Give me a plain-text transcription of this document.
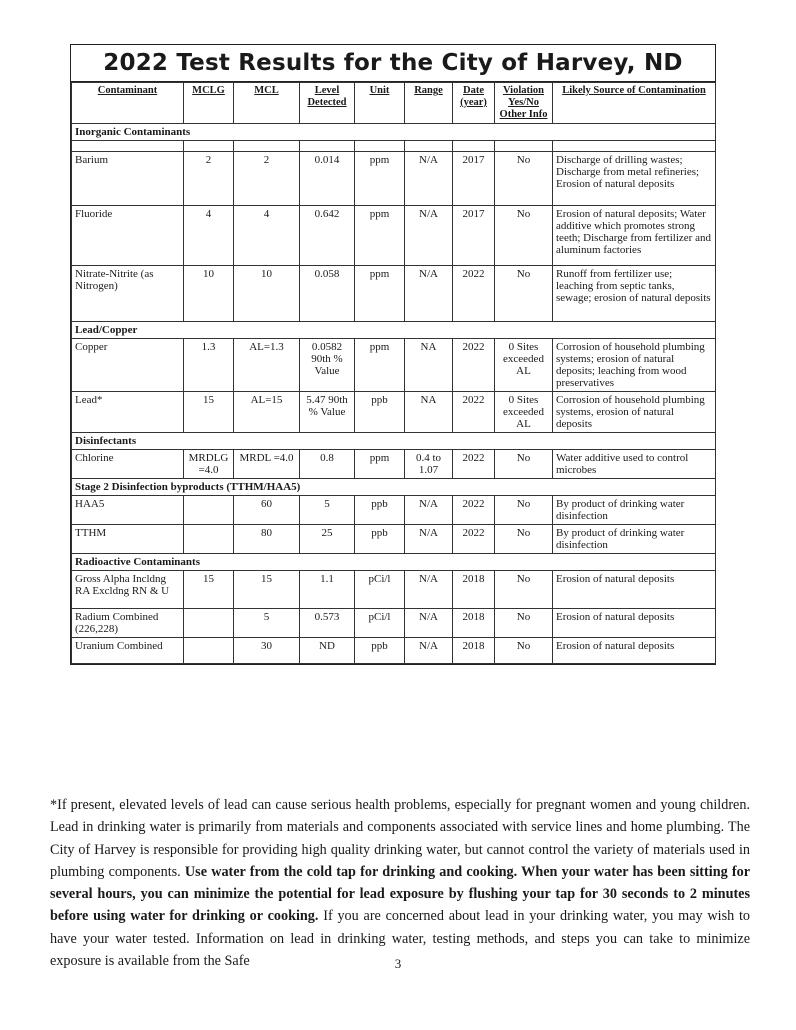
2022 Test Results for the City of Harvey, ND
Contaminant	MCLG	MCL	Level Detected	Unit	Range	Date (year)	Violation Yes/No Other Info	Likely Source of Contamination
Inorganic Contaminants								

Barium	2	2	0.014	ppm	N/A	2017	No	Discharge of drilling wastes; Discharge from metal refineries; Erosion of natural deposits
Fluoride	4	4	0.642	ppm	N/A	2017	No	Erosion of natural deposits; Water additive which promotes strong teeth; Discharge from fertilizer and aluminum factories
Nitrate-Nitrite (as Nitrogen)	10	10	0.058	ppm	N/A	2022	No	Runoff from fertilizer use; leaching from septic tanks, sewage; erosion of natural deposits
Lead/Copper								
Copper	1.3	AL=1.3	0.0582 90th % Value	ppm	NA	2022	0 Sites exceeded AL	Corrosion of household plumbing systems; erosion of natural deposits; leaching from wood preservatives
Lead*	15	AL=15	5.47 90th % Value	ppb	NA	2022	0 Sites exceeded AL	Corrosion of household plumbing systems, erosion of natural deposits
Disinfectants								
Chlorine	MRDLG =4.0	MRDL =4.0	0.8	ppm	0.4 to 1.07	2022	No	Water additive used to control microbes
Stage 2 Disinfection byproducts (TTHM/HAA5)								
HAA5		60	5	ppb	N/A	2022	No	By product of drinking water disinfection
TTHM		80	25	ppb	N/A	2022	No	By product of drinking water disinfection
Radioactive Contaminants								
Gross Alpha Incldng RA Excldng RN & U	15	15	1.1	pCi/l	N/A	2018	No	Erosion of natural deposits
Radium Combined (226,228)		5	0.573	pCi/l	N/A	2018	No	Erosion of natural deposits
Uranium Combined		30	ND	ppb	N/A	2018	No	Erosion of natural deposits
*If present, elevated levels of lead can cause serious health problems, especially for pregnant women and young children. Lead in drinking water is primarily from materials and components associated with service lines and home plumbing. The City of Harvey is responsible for providing high quality drinking water, but cannot control the variety of materials used in plumbing components. Use water from the cold tap for drinking and cooking. When your water has been sitting for several hours, you can minimize the potential for lead exposure by flushing your tap for 30 seconds to 2 minutes before using water for drinking or cooking. If you are concerned about lead in your drinking water, you may wish to have your water tested. Information on lead in drinking water, testing methods, and steps you can take to minimize exposure is available from the Safe	3
